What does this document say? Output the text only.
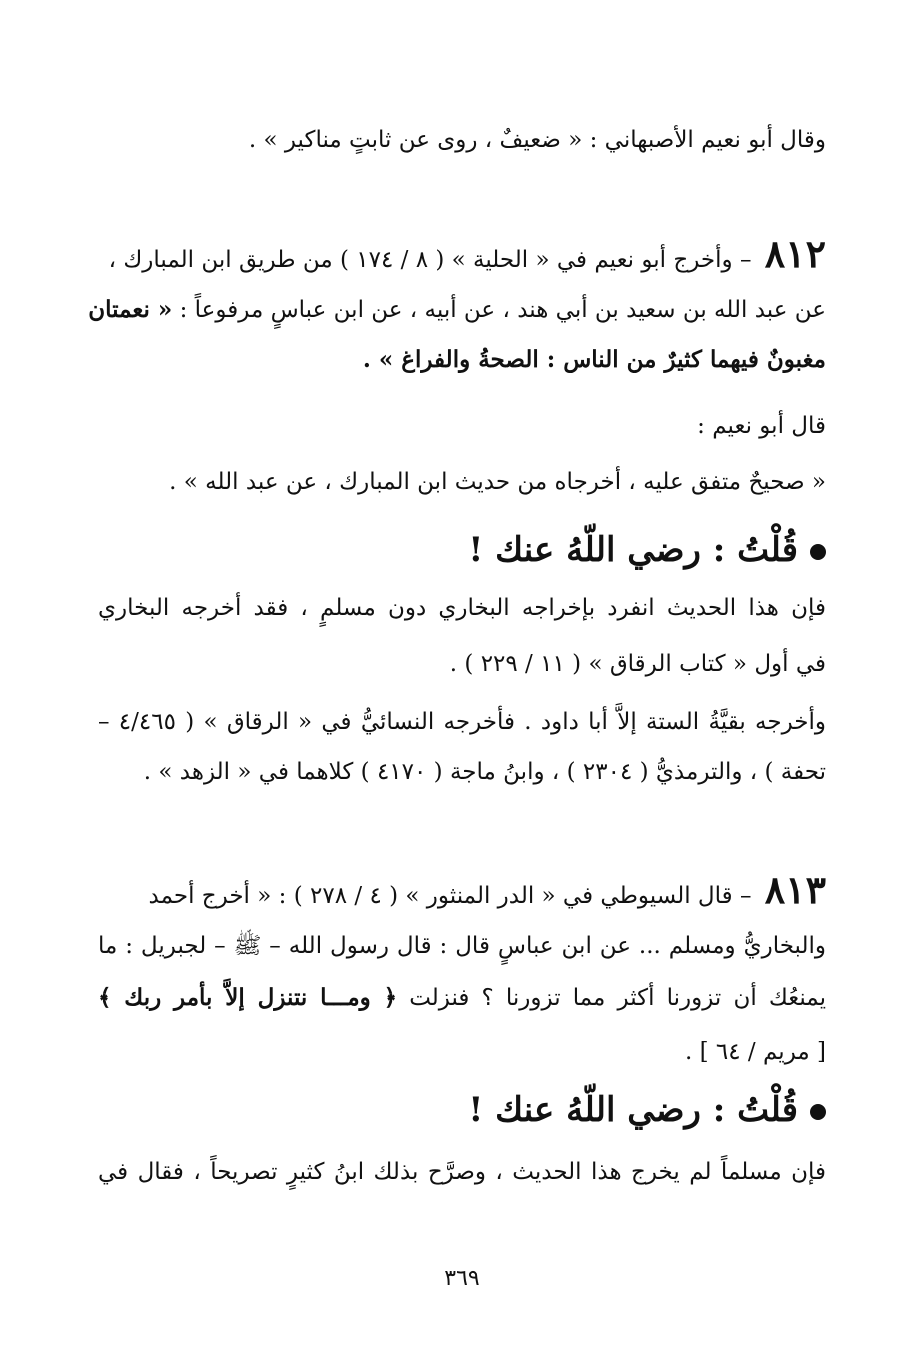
وقال أبو نعيم الأصبهاني : « ضعيفٌ ، روى عن ثابتٍ مناكير » .
٨١٢ – وأخرج أبو نعيم في « الحلية » ( ٨ / ١٧٤ ) من طريق ابن المبارك ،
عن عبد الله بن سعيد بن أبي هند ، عن أبيه ، عن ابن عباسٍ مرفوعاً : « نعمتان
مغبونٌ فيهما كثيرٌ من الناس : الصحةُ والفراغ » .
قال أبو نعيم :
« صحيحٌ متفق عليه ، أخرجاه من حديث ابن المبارك ، عن عبد الله » .
قُلْتُ : رضي اللّهُ عنك !
فإن هذا الحديث انفرد بإخراجه البخاري دون مسلمٍ ، فقد أخرجه البخاري
في أول « كتاب الرقاق » ( ١١ / ٢٢٩ ) .
وأخرجه بقيَّةُ الستة إلاَّ أبا داود . فأخرجه النسائيُّ في « الرقاق » ( ٤/٤٦٥ –
تحفة ) ، والترمذيُّ ( ٢٣٠٤ ) ، وابنُ ماجة ( ٤١٧٠ ) كلاهما في « الزهد » .
٨١٣ – قال السيوطي في « الدر المنثور » ( ٤ / ٢٧٨ ) : « أخرج أحمد
والبخاريُّ ومسلم ... عن ابن عباسٍ قال : قال رسول الله – ﷺ – لجبريل : ما
يمنعُك أن تزورنا أكثر مما تزورنا ؟ فنزلت ﴿ ومـــا نتنزل إلاَّ بأمر ربك ﴾
[ مريم / ٦٤ ] .
قُلْتُ : رضي اللّهُ عنك !
فإن مسلماً لم يخرج هذا الحديث ، وصرَّح بذلك ابنُ كثيرٍ تصريحاً ، فقال في
٣٦٩
